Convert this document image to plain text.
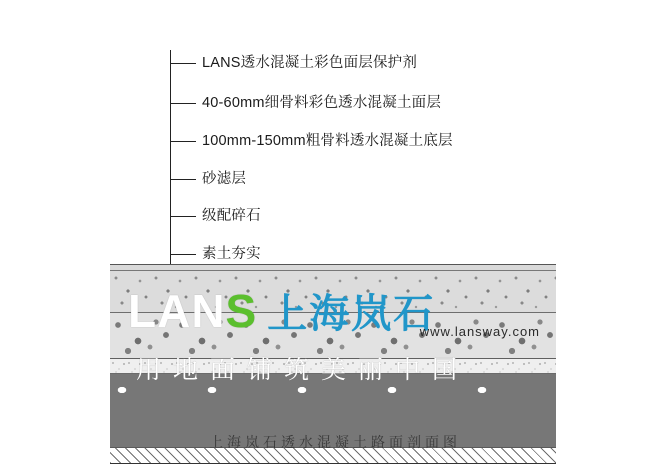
LANS透水混凝土彩色面层保护剂
40-60mm细骨料彩色透水混凝土面层
100mm-150mm粗骨料透水混凝土底层
砂滤层
级配碎石
素土夯实
LANS 上海岚石
www.lansway.com
用地面铺筑美丽中国
上海岚石透水混凝土路面剖面图
